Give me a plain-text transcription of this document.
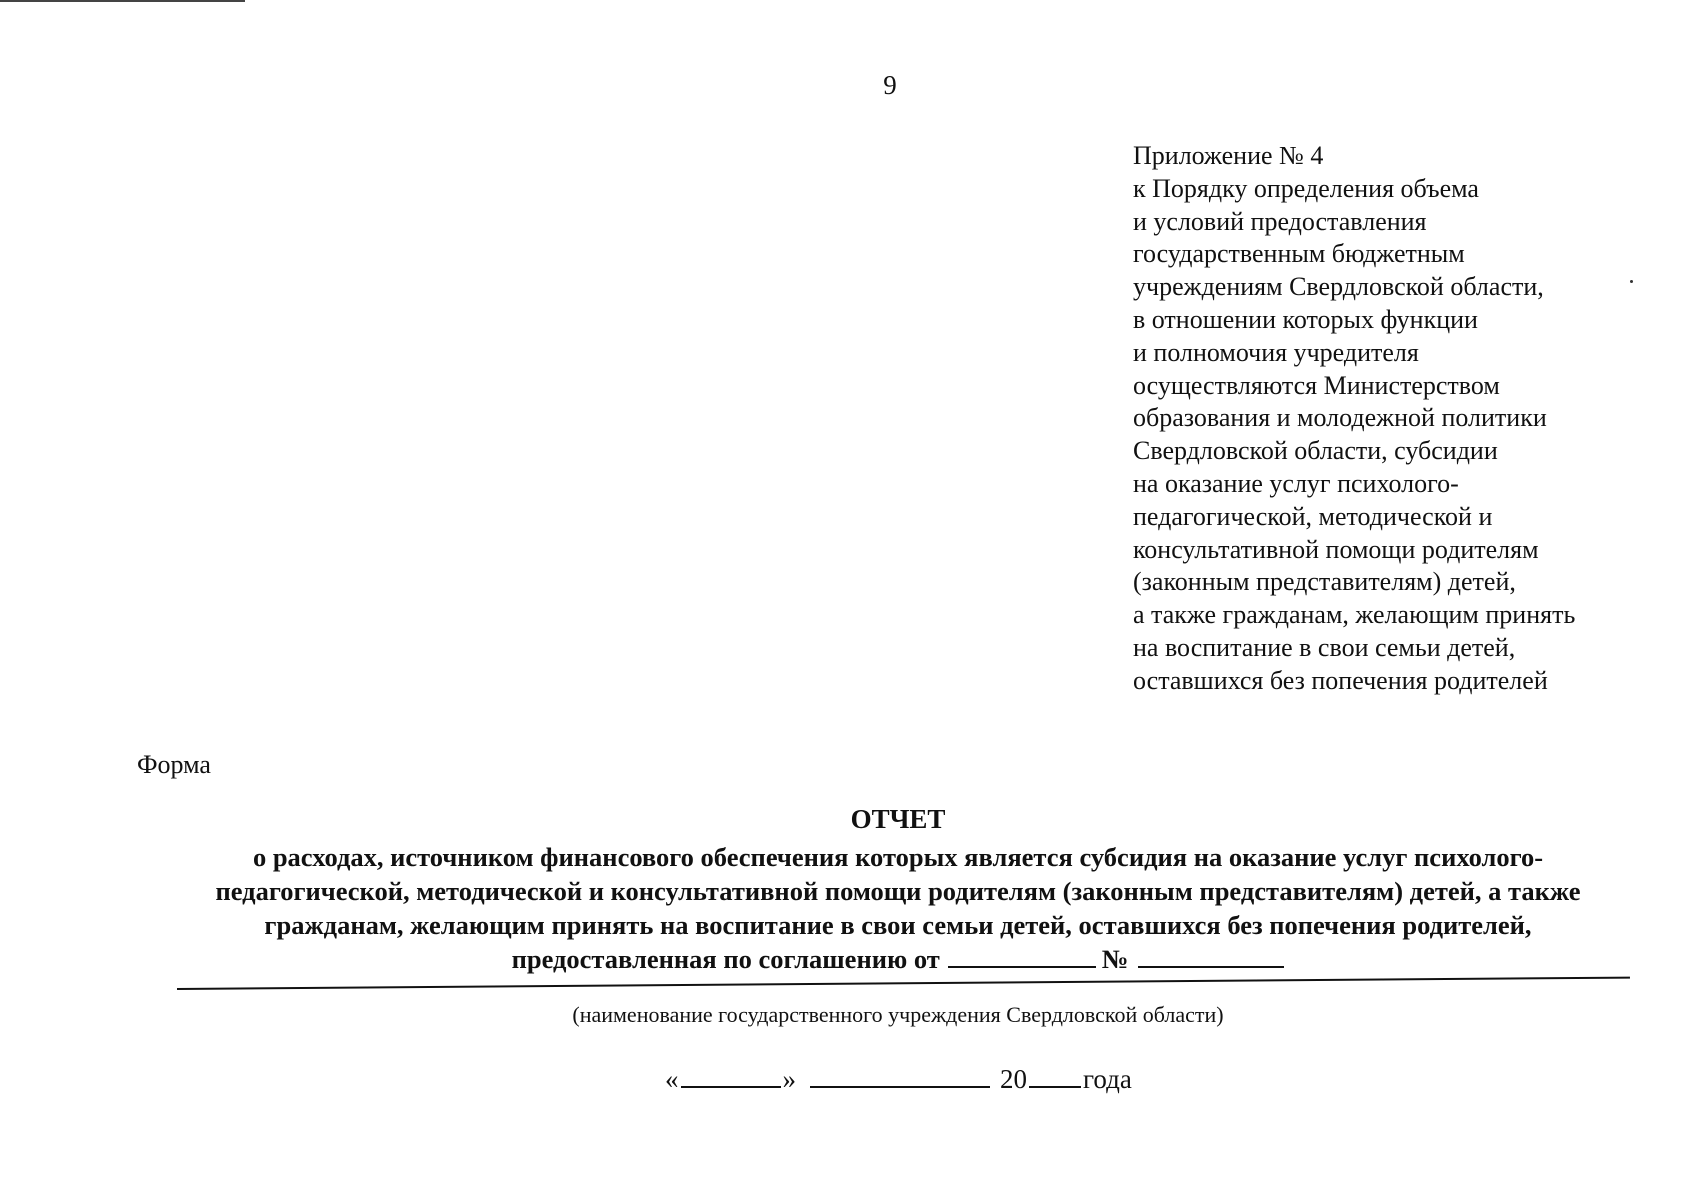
9
Приложение № 4
к Порядку определения объема
и условий предоставления
государственным бюджетным
учреждениям Свердловской области,
в отношении которых функции
и полномочия учредителя
осуществляются Министерством
образования и молодежной политики
Свердловской области, субсидии
на оказание услуг психолого-
педагогической, методической и
консультативной помощи родителям
(законным представителям) детей,
а также гражданам, желающим принять
на воспитание в свои семьи детей,
оставшихся без попечения родителей
Форма
ОТЧЕТ
о расходах, источником финансового обеспечения которых является субсидия на оказание услуг психолого-
педагогической, методической и консультативной помощи родителям (законным представителям) детей, а также
гражданам, желающим принять на воспитание в свои семьи детей, оставшихся без попечения родителей,
предоставленная по соглашению от	№
(наименование государственного учреждения Свердловской области)
«	»	20 года
